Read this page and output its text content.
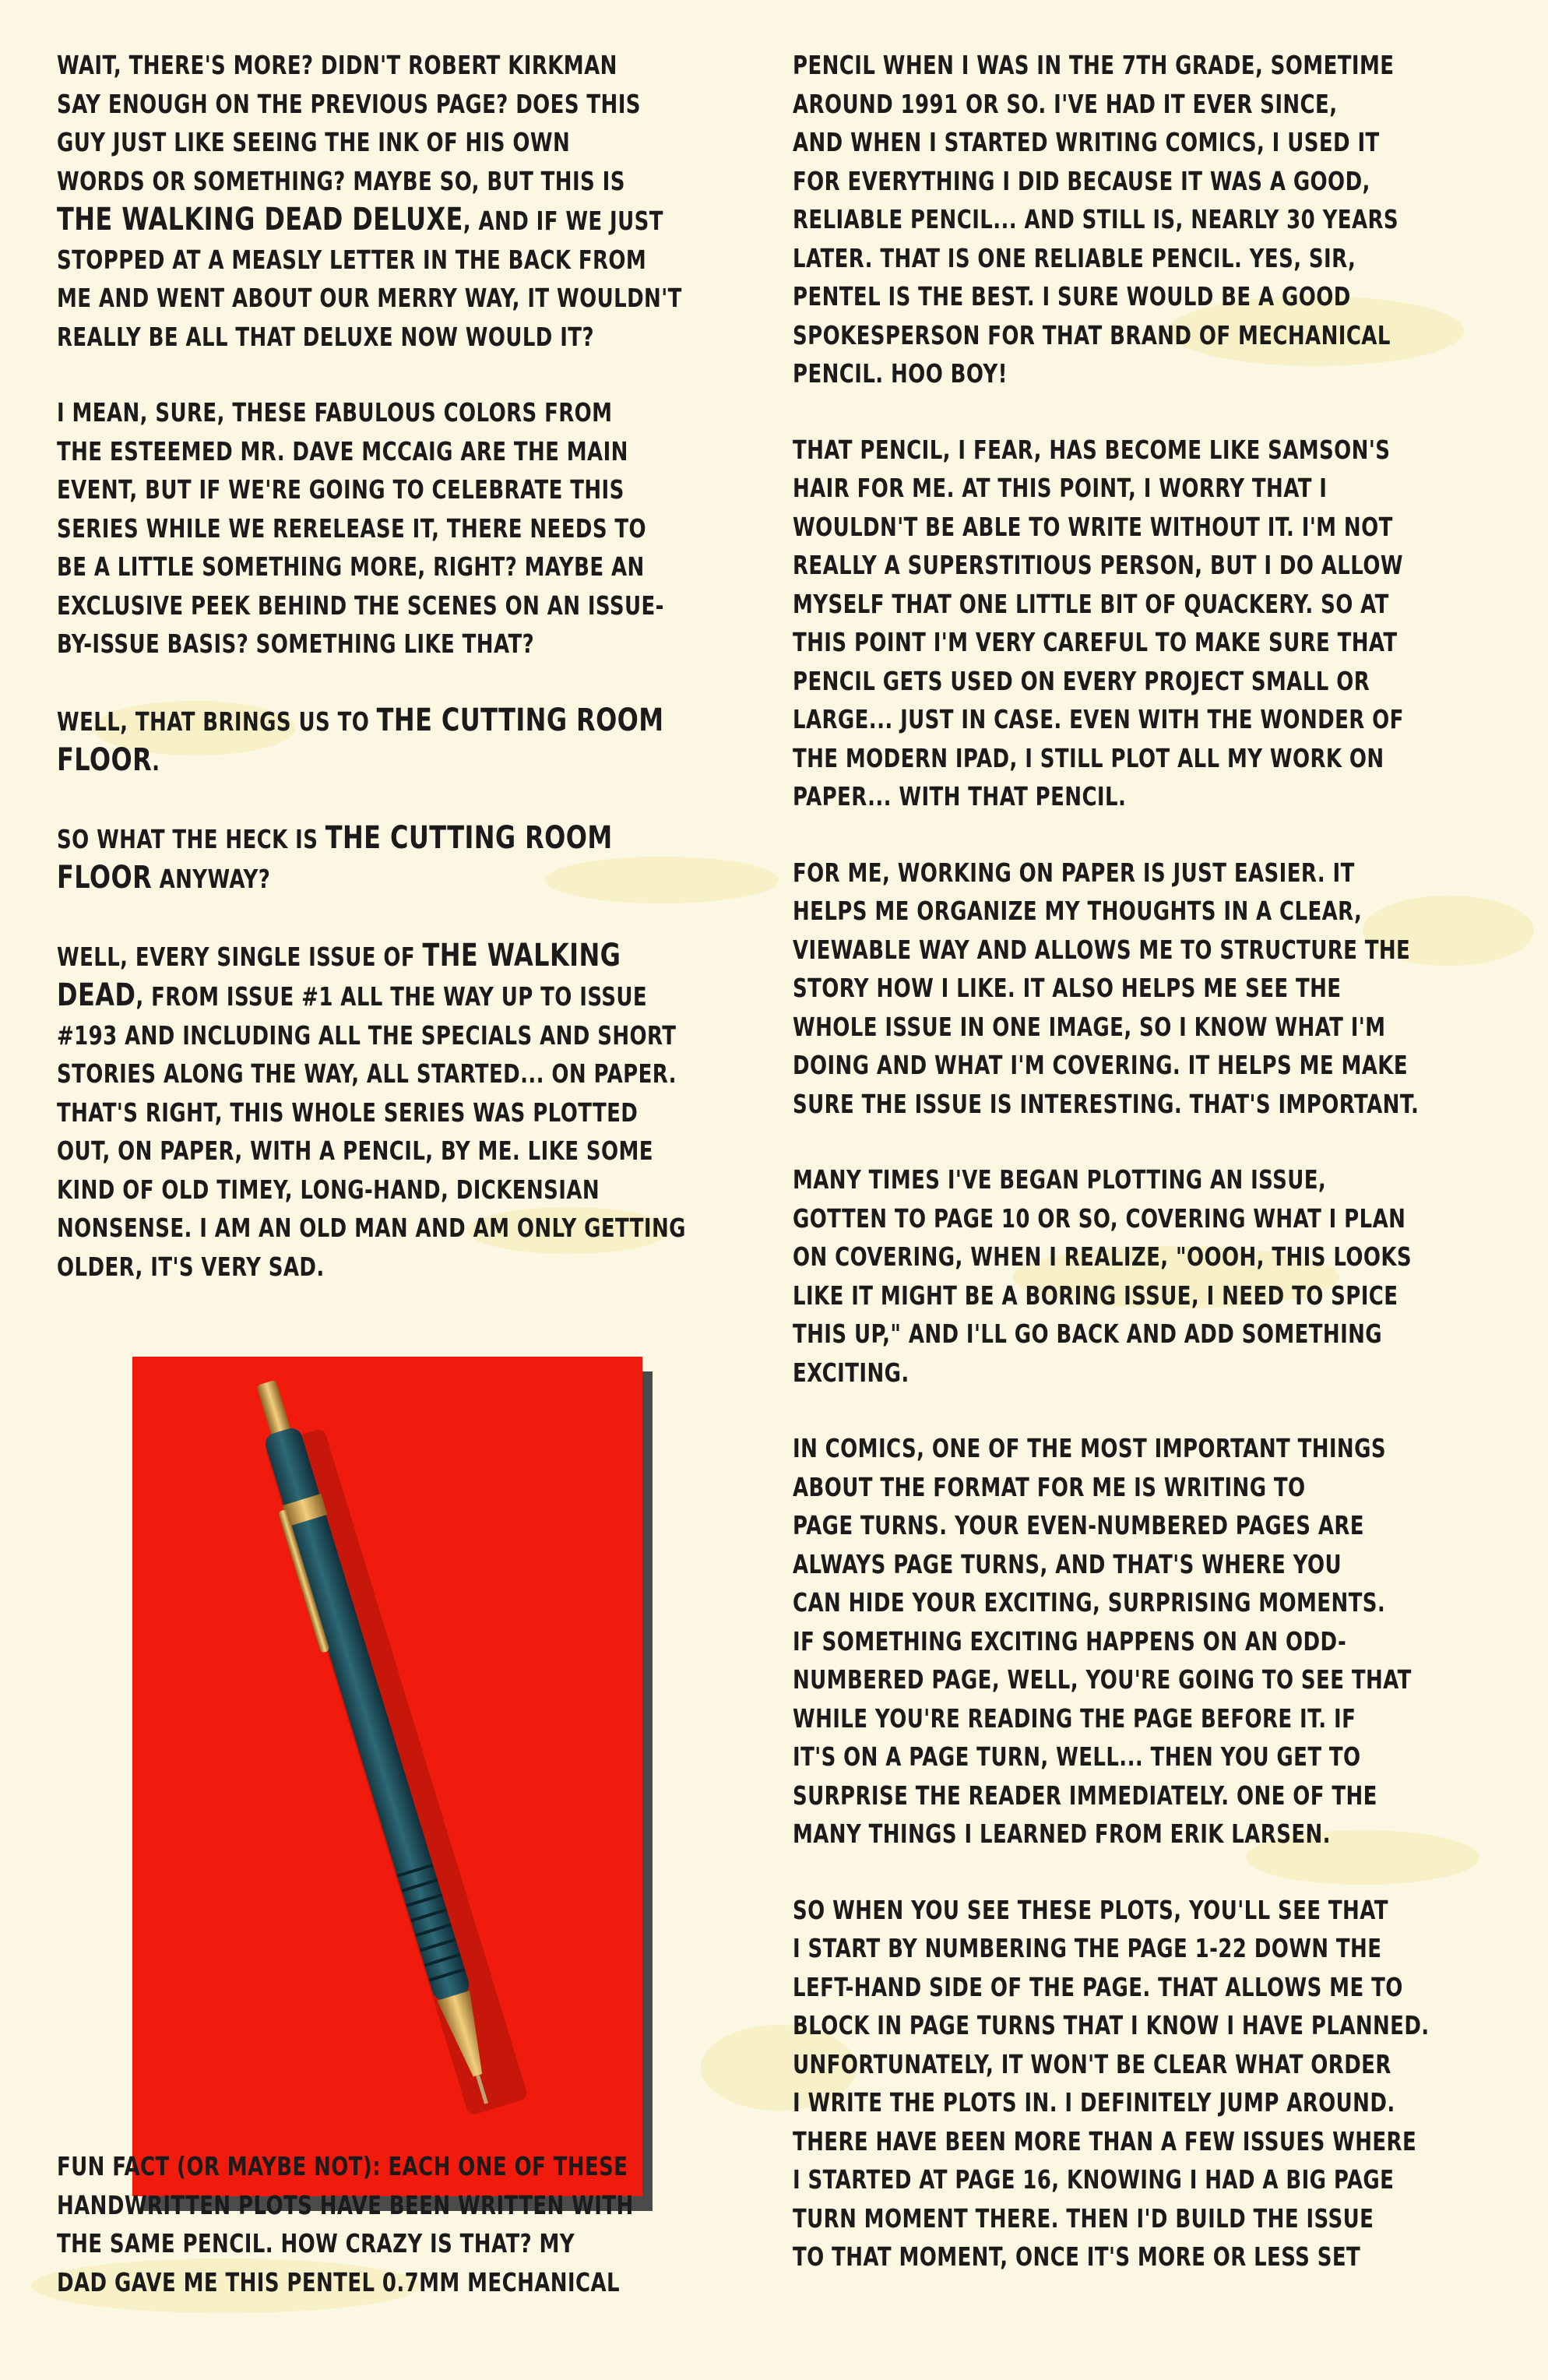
WAIT, THERE'S MORE? DIDN'T ROBERT KIRKMAN
SAY ENOUGH ON THE PREVIOUS PAGE? DOES THIS
GUY JUST LIKE SEEING THE INK OF HIS OWN
WORDS OR SOMETHING? MAYBE SO, BUT THIS IS
THE WALKING DEAD DELUXE, AND IF WE JUST
STOPPED AT A MEASLY LETTER IN THE BACK FROM
ME AND WENT ABOUT OUR MERRY WAY, IT WOULDN'T
REALLY BE ALL THAT DELUXE NOW WOULD IT?

I MEAN, SURE, THESE FABULOUS COLORS FROM
THE ESTEEMED MR. DAVE MCCAIG ARE THE MAIN
EVENT, BUT IF WE'RE GOING TO CELEBRATE THIS
SERIES WHILE WE RERELEASE IT, THERE NEEDS TO
BE A LITTLE SOMETHING MORE, RIGHT? MAYBE AN
EXCLUSIVE PEEK BEHIND THE SCENES ON AN ISSUE-
BY-ISSUE BASIS? SOMETHING LIKE THAT?

WELL, THAT BRINGS US TO THE CUTTING ROOM
FLOOR.

SO WHAT THE HECK IS THE CUTTING ROOM
FLOOR ANYWAY?

WELL, EVERY SINGLE ISSUE OF THE WALKING
DEAD, FROM ISSUE #1 ALL THE WAY UP TO ISSUE
#193 AND INCLUDING ALL THE SPECIALS AND SHORT
STORIES ALONG THE WAY, ALL STARTED... ON PAPER.
THAT'S RIGHT, THIS WHOLE SERIES WAS PLOTTED
OUT, ON PAPER, WITH A PENCIL, BY ME. LIKE SOME
KIND OF OLD TIMEY, LONG-HAND, DICKENSIAN
NONSENSE. I AM AN OLD MAN AND AM ONLY GETTING
OLDER, IT'S VERY SAD.

FUN FACT (OR MAYBE NOT): EACH ONE OF THESE
HANDWRITTEN PLOTS HAVE BEEN WRITTEN WITH
THE SAME PENCIL. HOW CRAZY IS THAT? MY
DAD GAVE ME THIS PENTEL 0.7MM MECHANICAL

PENCIL WHEN I WAS IN THE 7TH GRADE, SOMETIME
AROUND 1991 OR SO. I'VE HAD IT EVER SINCE,
AND WHEN I STARTED WRITING COMICS, I USED IT
FOR EVERYTHING I DID BECAUSE IT WAS A GOOD,
RELIABLE PENCIL... AND STILL IS, NEARLY 30 YEARS
LATER. THAT IS ONE RELIABLE PENCIL. YES, SIR,
PENTEL IS THE BEST. I SURE WOULD BE A GOOD
SPOKESPERSON FOR THAT BRAND OF MECHANICAL
PENCIL. HOO BOY!

THAT PENCIL, I FEAR, HAS BECOME LIKE SAMSON'S
HAIR FOR ME. AT THIS POINT, I WORRY THAT I
WOULDN'T BE ABLE TO WRITE WITHOUT IT. I'M NOT
REALLY A SUPERSTITIOUS PERSON, BUT I DO ALLOW
MYSELF THAT ONE LITTLE BIT OF QUACKERY. SO AT
THIS POINT I'M VERY CAREFUL TO MAKE SURE THAT
PENCIL GETS USED ON EVERY PROJECT SMALL OR
LARGE... JUST IN CASE. EVEN WITH THE WONDER OF
THE MODERN IPAD, I STILL PLOT ALL MY WORK ON
PAPER... WITH THAT PENCIL.

FOR ME, WORKING ON PAPER IS JUST EASIER. IT
HELPS ME ORGANIZE MY THOUGHTS IN A CLEAR,
VIEWABLE WAY AND ALLOWS ME TO STRUCTURE THE
STORY HOW I LIKE. IT ALSO HELPS ME SEE THE
WHOLE ISSUE IN ONE IMAGE, SO I KNOW WHAT I'M
DOING AND WHAT I'M COVERING. IT HELPS ME MAKE
SURE THE ISSUE IS INTERESTING. THAT'S IMPORTANT.

MANY TIMES I'VE BEGAN PLOTTING AN ISSUE,
GOTTEN TO PAGE 10 OR SO, COVERING WHAT I PLAN
ON COVERING, WHEN I REALIZE, "OOOH, THIS LOOKS
LIKE IT MIGHT BE A BORING ISSUE, I NEED TO SPICE
THIS UP," AND I'LL GO BACK AND ADD SOMETHING
EXCITING.

IN COMICS, ONE OF THE MOST IMPORTANT THINGS
ABOUT THE FORMAT FOR ME IS WRITING TO
PAGE TURNS. YOUR EVEN-NUMBERED PAGES ARE
ALWAYS PAGE TURNS, AND THAT'S WHERE YOU
CAN HIDE YOUR EXCITING, SURPRISING MOMENTS.
IF SOMETHING EXCITING HAPPENS ON AN ODD-
NUMBERED PAGE, WELL, YOU'RE GOING TO SEE THAT
WHILE YOU'RE READING THE PAGE BEFORE IT. IF
IT'S ON A PAGE TURN, WELL... THEN YOU GET TO
SURPRISE THE READER IMMEDIATELY. ONE OF THE
MANY THINGS I LEARNED FROM ERIK LARSEN.

SO WHEN YOU SEE THESE PLOTS, YOU'LL SEE THAT
I START BY NUMBERING THE PAGE 1-22 DOWN THE
LEFT-HAND SIDE OF THE PAGE. THAT ALLOWS ME TO
BLOCK IN PAGE TURNS THAT I KNOW I HAVE PLANNED.
UNFORTUNATELY, IT WON'T BE CLEAR WHAT ORDER
I WRITE THE PLOTS IN. I DEFINITELY JUMP AROUND.
THERE HAVE BEEN MORE THAN A FEW ISSUES WHERE
I STARTED AT PAGE 16, KNOWING I HAD A BIG PAGE
TURN MOMENT THERE. THEN I'D BUILD THE ISSUE
TO THAT MOMENT, ONCE IT'S MORE OR LESS SET
